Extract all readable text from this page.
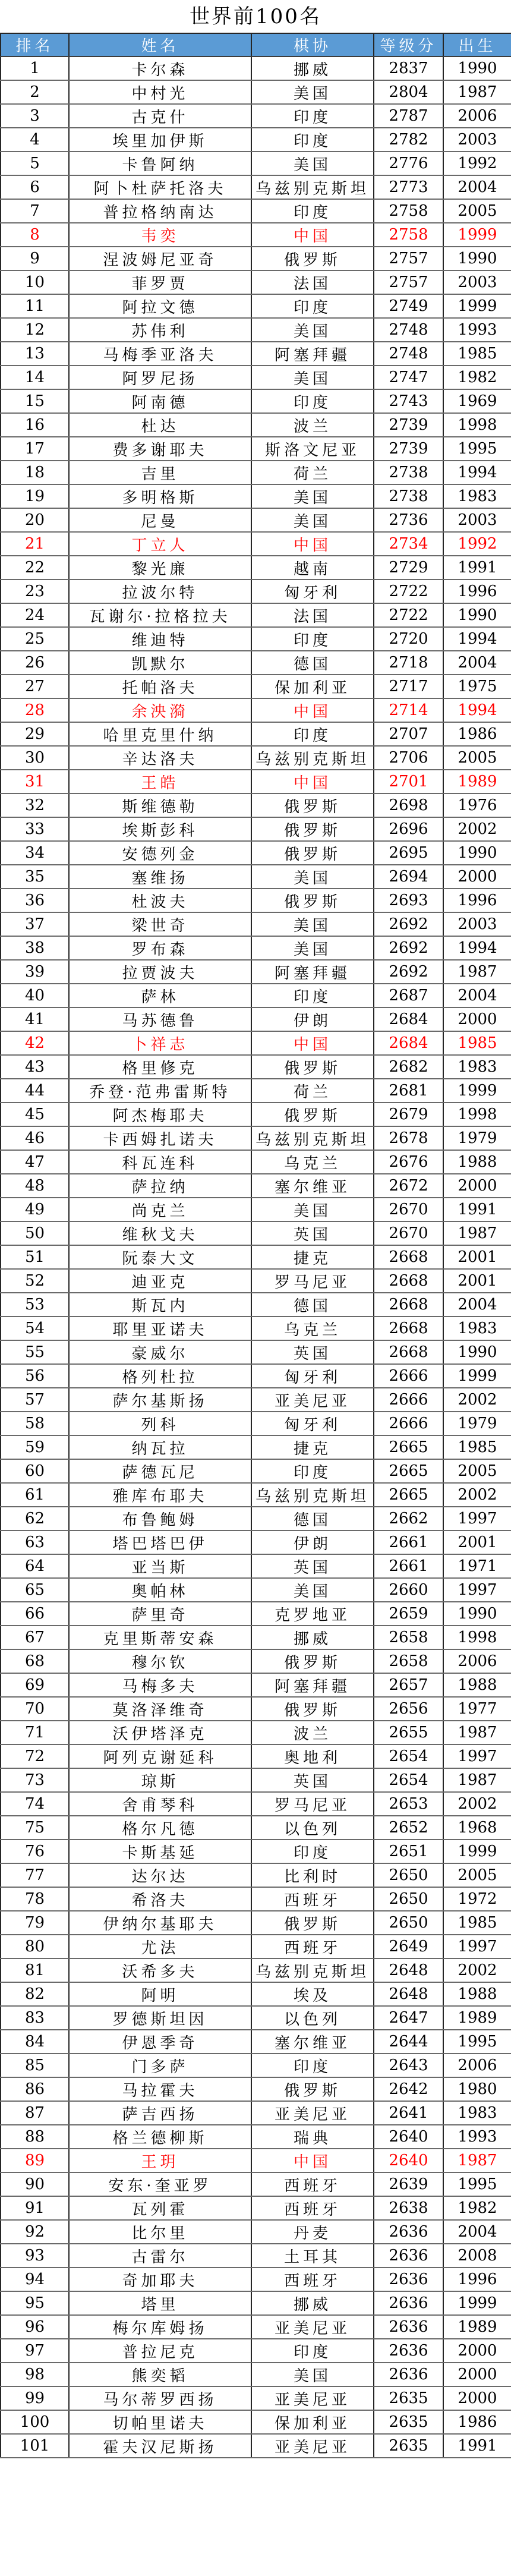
世界前100名
排名	姓名	棋协	等级分	出生
1	卡尔森	挪威	2837	1990
2	中村光	美国	2804	1987
3	古克什	印度	2787	2006
4	埃里加伊斯	印度	2782	2003
5	卡鲁阿纳	美国	2776	1992
6	阿卜杜萨托洛夫	乌兹别克斯坦	2773	2004
7	普拉格纳南达	印度	2758	2005
8	韦奕	中国	2758	1999
9	涅波姆尼亚奇	俄罗斯	2757	1990
10	菲罗贾	法国	2757	2003
11	阿拉文德	印度	2749	1999
12	苏伟利	美国	2748	1993
13	马梅季亚洛夫	阿塞拜疆	2748	1985
14	阿罗尼扬	美国	2747	1982
15	阿南德	印度	2743	1969
16	杜达	波兰	2739	1998
17	费多谢耶夫	斯洛文尼亚	2739	1995
18	吉里	荷兰	2738	1994
19	多明格斯	美国	2738	1983
20	尼曼	美国	2736	2003
21	丁立人	中国	2734	1992
22	黎光廉	越南	2729	1991
23	拉波尔特	匈牙利	2722	1996
24	瓦谢尔·拉格拉夫	法国	2722	1990
25	维迪特	印度	2720	1994
26	凯默尔	德国	2718	2004
27	托帕洛夫	保加利亚	2717	1975
28	余泱漪	中国	2714	1994
29	哈里克里什纳	印度	2707	1986
30	辛达洛夫	乌兹别克斯坦	2706	2005
31	王皓	中国	2701	1989
32	斯维德勒	俄罗斯	2698	1976
33	埃斯彭科	俄罗斯	2696	2002
34	安德列金	俄罗斯	2695	1990
35	塞维扬	美国	2694	2000
36	杜波夫	俄罗斯	2693	1996
37	梁世奇	美国	2692	2003
38	罗布森	美国	2692	1994
39	拉贾波夫	阿塞拜疆	2692	1987
40	萨林	印度	2687	2004
41	马苏德鲁	伊朗	2684	2000
42	卜祥志	中国	2684	1985
43	格里修克	俄罗斯	2682	1983
44	乔登·范弗雷斯特	荷兰	2681	1999
45	阿杰梅耶夫	俄罗斯	2679	1998
46	卡西姆扎诺夫	乌兹别克斯坦	2678	1979
47	科瓦连科	乌克兰	2676	1988
48	萨拉纳	塞尔维亚	2672	2000
49	尚克兰	美国	2670	1991
50	维秋戈夫	英国	2670	1987
51	阮泰大文	捷克	2668	2001
52	迪亚克	罗马尼亚	2668	2001
53	斯瓦内	德国	2668	2004
54	耶里亚诺夫	乌克兰	2668	1983
55	豪威尔	英国	2668	1990
56	格列杜拉	匈牙利	2666	1999
57	萨尔基斯扬	亚美尼亚	2666	2002
58	列科	匈牙利	2666	1979
59	纳瓦拉	捷克	2665	1985
60	萨德瓦尼	印度	2665	2005
61	雅库布耶夫	乌兹别克斯坦	2665	2002
62	布鲁鲍姆	德国	2662	1997
63	塔巴塔巴伊	伊朗	2661	2001
64	亚当斯	英国	2661	1971
65	奥帕林	美国	2660	1997
66	萨里奇	克罗地亚	2659	1990
67	克里斯蒂安森	挪威	2658	1998
68	穆尔钦	俄罗斯	2658	2006
69	马梅多夫	阿塞拜疆	2657	1988
70	莫洛泽维奇	俄罗斯	2656	1977
71	沃伊塔泽克	波兰	2655	1987
72	阿列克谢延科	奥地利	2654	1997
73	琼斯	英国	2654	1987
74	舍甫琴科	罗马尼亚	2653	2002
75	格尔凡德	以色列	2652	1968
76	卡斯基延	印度	2651	1999
77	达尔达	比利时	2650	2005
78	希洛夫	西班牙	2650	1972
79	伊纳尔基耶夫	俄罗斯	2650	1985
80	尤法	西班牙	2649	1997
81	沃希多夫	乌兹别克斯坦	2648	2002
82	阿明	埃及	2648	1988
83	罗德斯坦因	以色列	2647	1989
84	伊恩季奇	塞尔维亚	2644	1995
85	门多萨	印度	2643	2006
86	马拉霍夫	俄罗斯	2642	1980
87	萨吉西扬	亚美尼亚	2641	1983
88	格兰德柳斯	瑞典	2640	1993
89	王玥	中国	2640	1987
90	安东·奎亚罗	西班牙	2639	1995
91	瓦列霍	西班牙	2638	1982
92	比尔里	丹麦	2636	2004
93	古雷尔	土耳其	2636	2008
94	奇加耶夫	西班牙	2636	1996
95	塔里	挪威	2636	1999
96	梅尔库姆扬	亚美尼亚	2636	1989
97	普拉尼克	印度	2636	2000
98	熊奕韬	美国	2636	2000
99	马尔蒂罗西扬	亚美尼亚	2635	2000
100	切帕里诺夫	保加利亚	2635	1986
101	霍夫汉尼斯扬	亚美尼亚	2635	1991
